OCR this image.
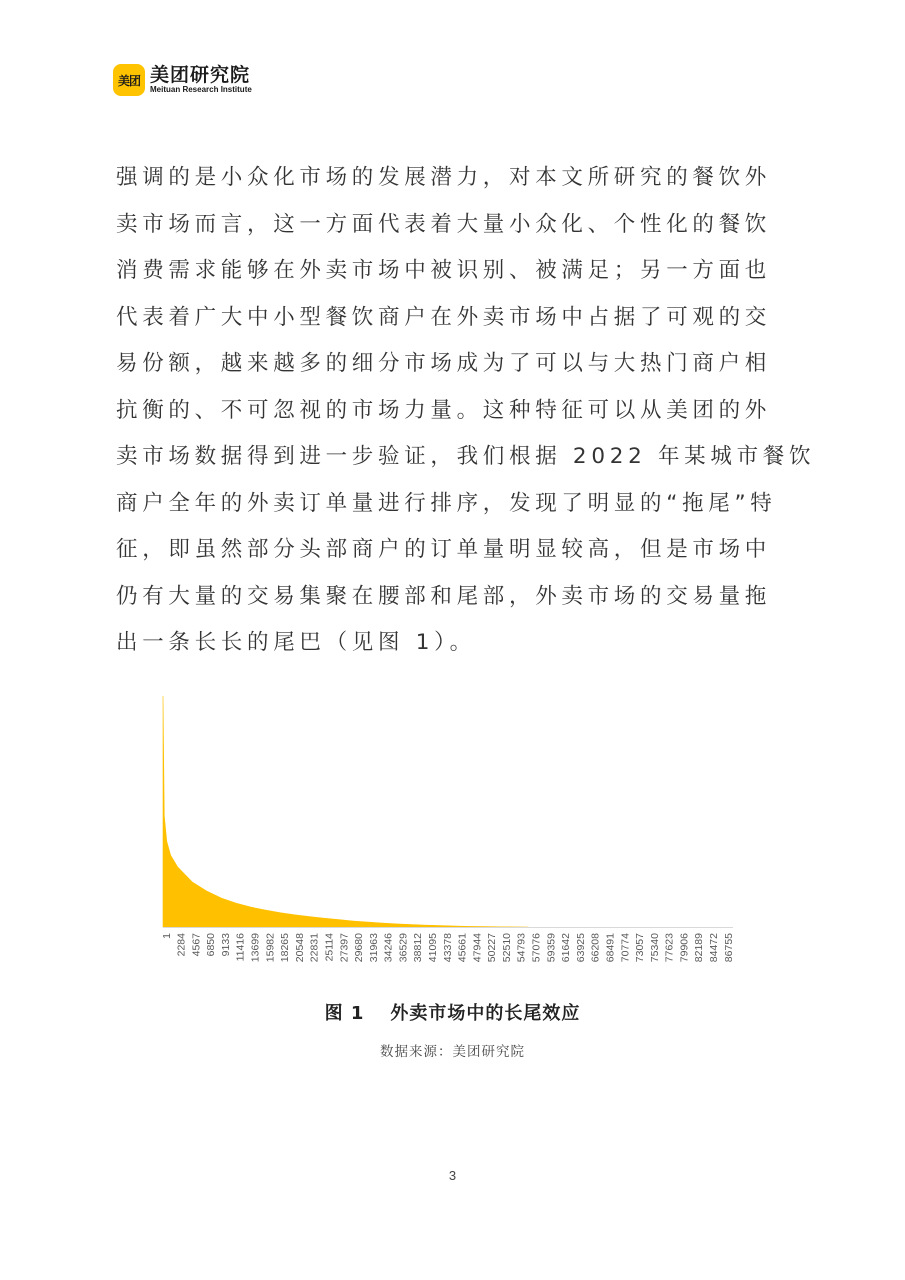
美团 美团研究院
Meituan Research Institute
强调的是小众化市场的发展潜力，对本文所研究的餐饮外
卖市场而言，这一方面代表着大量小众化、个性化的餐饮
消费需求能够在外卖市场中被识别、被满足；另一方面也
代表着广大中小型餐饮商户在外卖市场中占据了可观的交
易份额，越来越多的细分市场成为了可以与大热门商户相
抗衡的、不可忽视的市场力量。这种特征可以从美团的外
卖市场数据得到进一步验证，我们根据 2022 年某城市餐饮
商户全年的外卖订单量进行排序，发现了明显的“拖尾”特
征，即虽然部分头部商户的订单量明显较高，但是市场中
仍有大量的交易集聚在腰部和尾部，外卖市场的交易量拖
出一条长长的尾巴（见图 1）。
1 2284 4567 6850 9133 11416 13699 15982 18265 20548 22831 25114 27397 29680 31963 34246 36529 38812 41095 43378 45661 47944 50227 52510 54793 57076 59359 61642 63925 66208 68491 70774 73057 75340 77623 79906 82189 84472 86755
图 1 外卖市场中的长尾效应
数据来源：美团研究院
3
